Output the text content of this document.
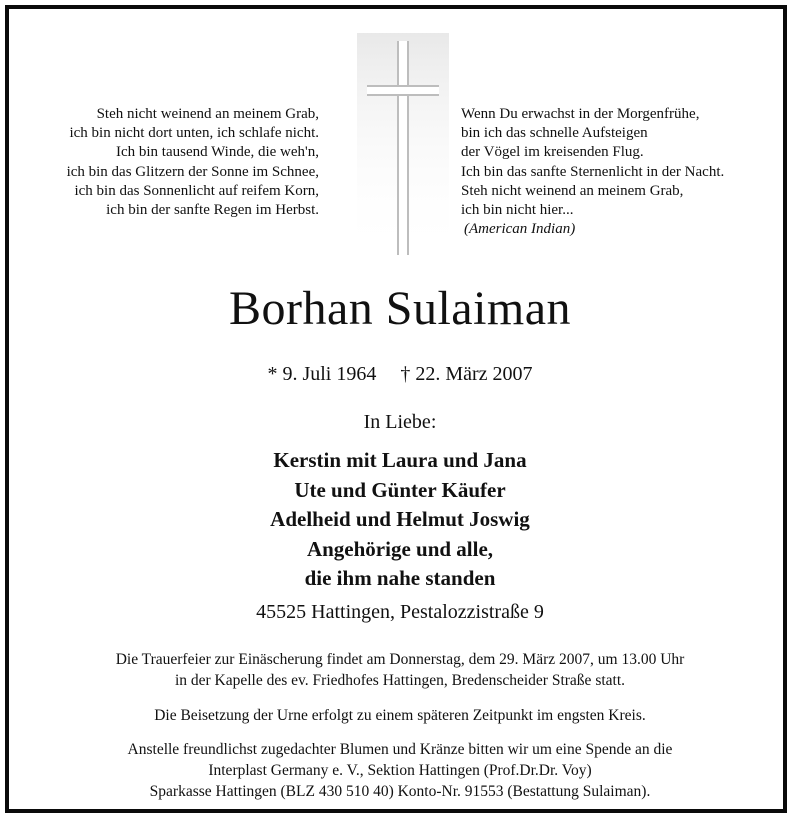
Steh nicht weinend an meinem Grab,
ich bin nicht dort unten, ich schlafe nicht.
Ich bin tausend Winde, die weh'n,
ich bin das Glitzern der Sonne im Schnee,
ich bin das Sonnenlicht auf reifem Korn,
ich bin der sanfte Regen im Herbst.
Wenn Du erwachst in der Morgenfrühe,
bin ich das schnelle Aufsteigen
der Vögel im kreisenden Flug.
Ich bin das sanfte Sternenlicht in der Nacht.
Steh nicht weinend an meinem Grab,
ich bin nicht hier...
(American Indian)
Borhan Sulaiman
* 9. Juli 1964 † 22. März 2007
In Liebe:
Kerstin mit Laura und Jana
Ute und Günter Käufer
Adelheid und Helmut Joswig
Angehörige und alle,
die ihm nahe standen
45525 Hattingen, Pestalozzistraße 9
Die Trauerfeier zur Einäscherung findet am Donnerstag, dem 29. März 2007, um 13.00 Uhr
in der Kapelle des ev. Friedhofes Hattingen, Bredenscheider Straße statt.
Die Beisetzung der Urne erfolgt zu einem späteren Zeitpunkt im engsten Kreis.
Anstelle freundlichst zugedachter Blumen und Kränze bitten wir um eine Spende an die
Interplast Germany e. V., Sektion Hattingen (Prof.Dr.Dr. Voy)
Sparkasse Hattingen (BLZ 430 510 40) Konto-Nr. 91553 (Bestattung Sulaiman).
